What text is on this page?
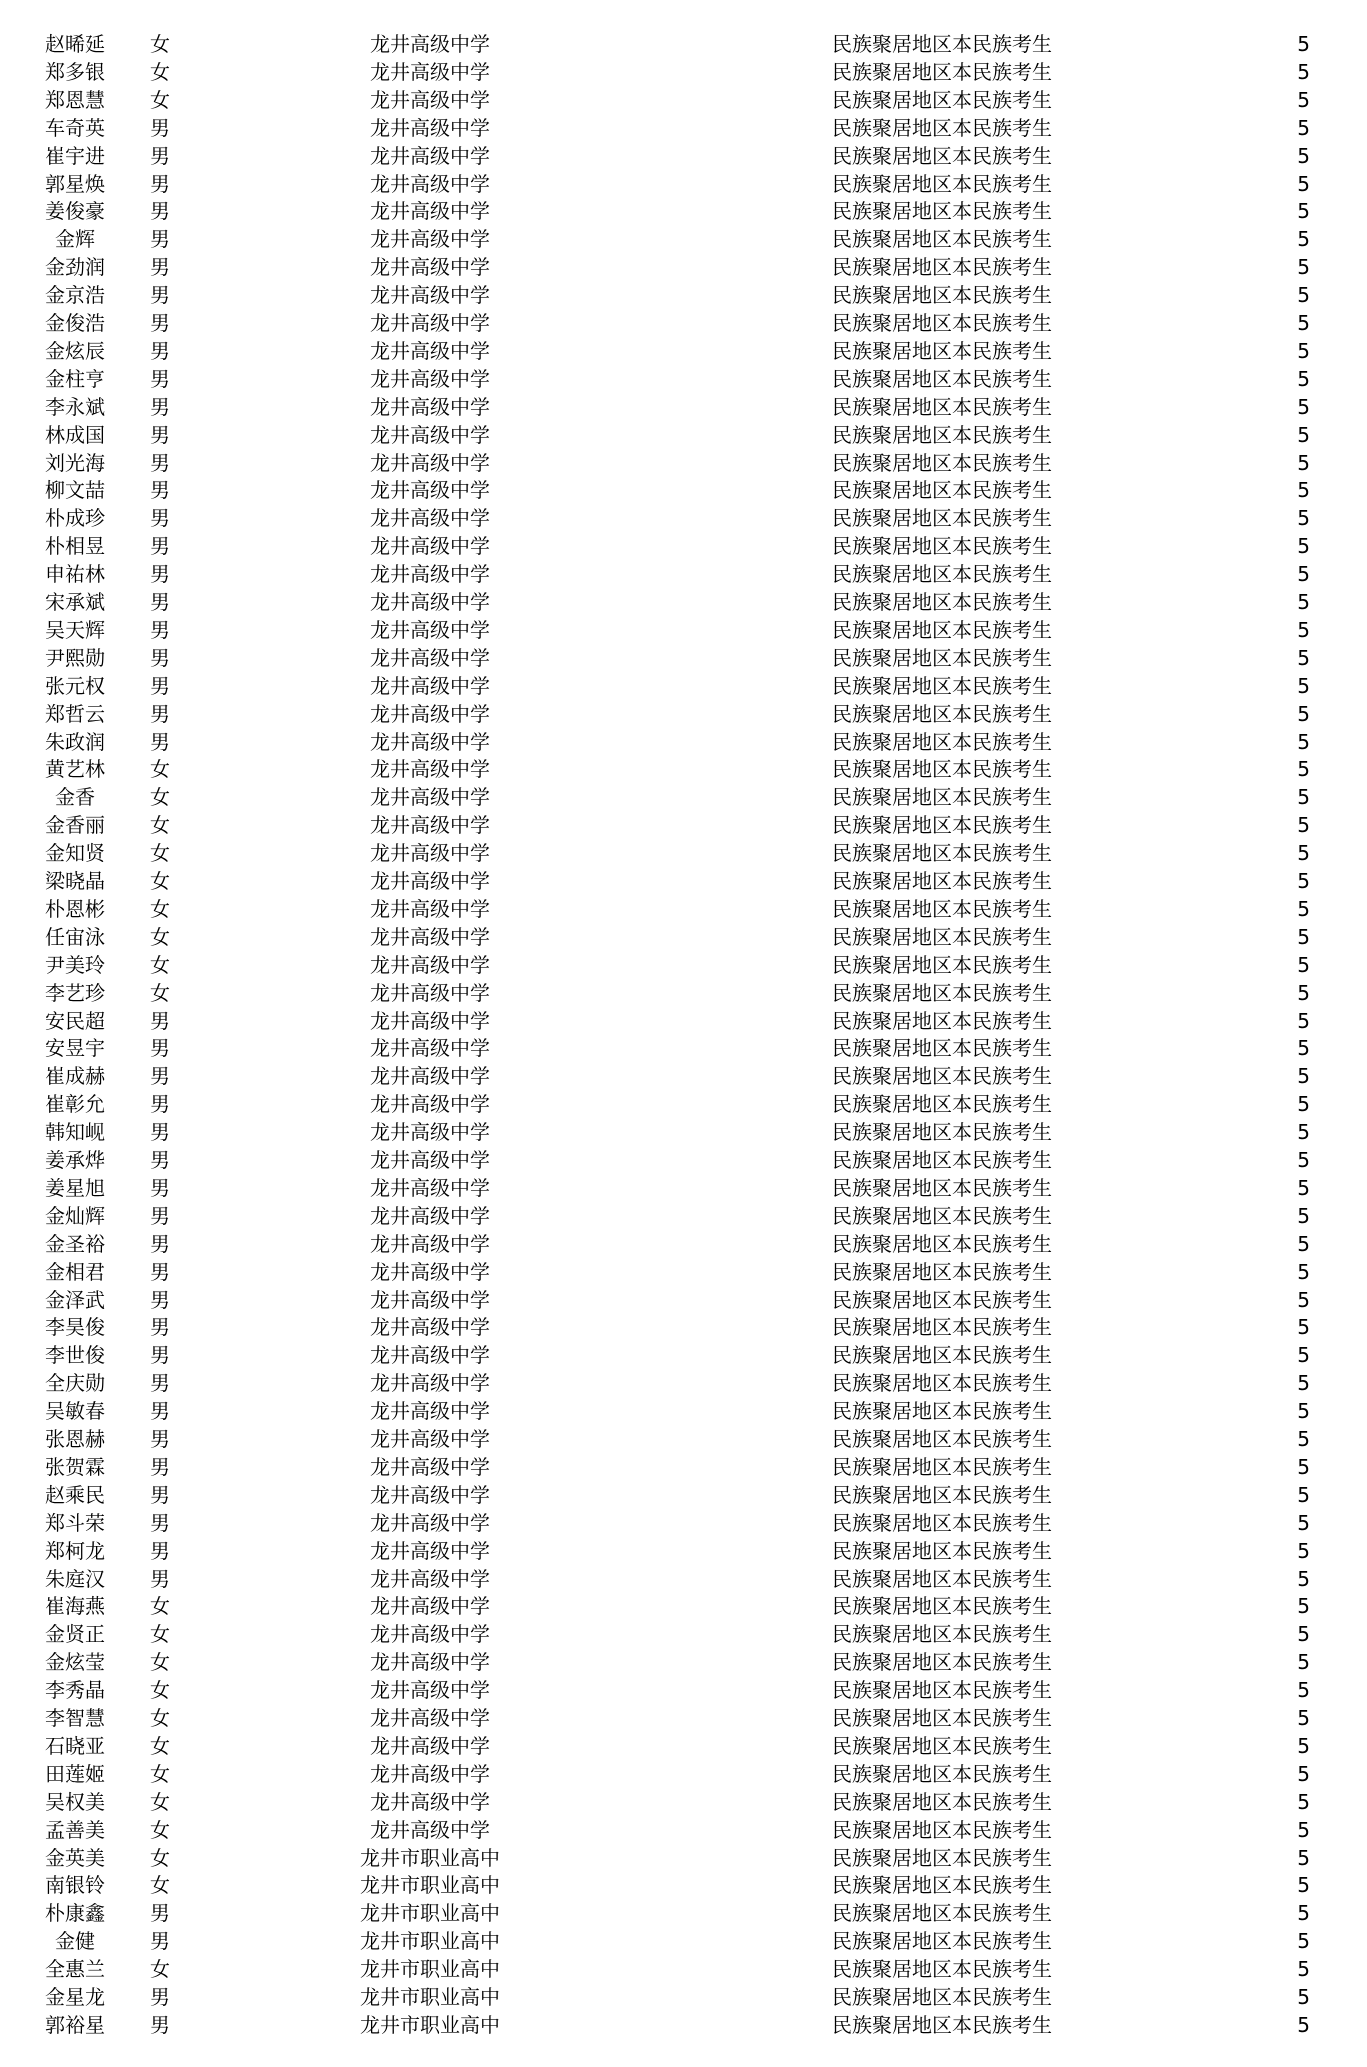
赵晞延	女	龙井高级中学	民族聚居地区本民族考生	5
郑多银	女	龙井高级中学	民族聚居地区本民族考生	5
郑恩慧	女	龙井高级中学	民族聚居地区本民族考生	5
车奇英	男	龙井高级中学	民族聚居地区本民族考生	5
崔宇进	男	龙井高级中学	民族聚居地区本民族考生	5
郭星焕	男	龙井高级中学	民族聚居地区本民族考生	5
姜俊豪	男	龙井高级中学	民族聚居地区本民族考生	5
金辉	男	龙井高级中学	民族聚居地区本民族考生	5
金劲润	男	龙井高级中学	民族聚居地区本民族考生	5
金京浩	男	龙井高级中学	民族聚居地区本民族考生	5
金俊浩	男	龙井高级中学	民族聚居地区本民族考生	5
金炫辰	男	龙井高级中学	民族聚居地区本民族考生	5
金柱亨	男	龙井高级中学	民族聚居地区本民族考生	5
李永斌	男	龙井高级中学	民族聚居地区本民族考生	5
林成国	男	龙井高级中学	民族聚居地区本民族考生	5
刘光海	男	龙井高级中学	民族聚居地区本民族考生	5
柳文喆	男	龙井高级中学	民族聚居地区本民族考生	5
朴成珍	男	龙井高级中学	民族聚居地区本民族考生	5
朴相昱	男	龙井高级中学	民族聚居地区本民族考生	5
申祐林	男	龙井高级中学	民族聚居地区本民族考生	5
宋承斌	男	龙井高级中学	民族聚居地区本民族考生	5
吴天辉	男	龙井高级中学	民族聚居地区本民族考生	5
尹熙勋	男	龙井高级中学	民族聚居地区本民族考生	5
张元权	男	龙井高级中学	民族聚居地区本民族考生	5
郑哲云	男	龙井高级中学	民族聚居地区本民族考生	5
朱政润	男	龙井高级中学	民族聚居地区本民族考生	5
黄艺林	女	龙井高级中学	民族聚居地区本民族考生	5
金香	女	龙井高级中学	民族聚居地区本民族考生	5
金香丽	女	龙井高级中学	民族聚居地区本民族考生	5
金知贤	女	龙井高级中学	民族聚居地区本民族考生	5
梁晓晶	女	龙井高级中学	民族聚居地区本民族考生	5
朴恩彬	女	龙井高级中学	民族聚居地区本民族考生	5
任宙泳	女	龙井高级中学	民族聚居地区本民族考生	5
尹美玲	女	龙井高级中学	民族聚居地区本民族考生	5
李艺珍	女	龙井高级中学	民族聚居地区本民族考生	5
安民超	男	龙井高级中学	民族聚居地区本民族考生	5
安昱宇	男	龙井高级中学	民族聚居地区本民族考生	5
崔成赫	男	龙井高级中学	民族聚居地区本民族考生	5
崔彰允	男	龙井高级中学	民族聚居地区本民族考生	5
韩知岘	男	龙井高级中学	民族聚居地区本民族考生	5
姜承烨	男	龙井高级中学	民族聚居地区本民族考生	5
姜星旭	男	龙井高级中学	民族聚居地区本民族考生	5
金灿辉	男	龙井高级中学	民族聚居地区本民族考生	5
金圣裕	男	龙井高级中学	民族聚居地区本民族考生	5
金相君	男	龙井高级中学	民族聚居地区本民族考生	5
金泽武	男	龙井高级中学	民族聚居地区本民族考生	5
李昊俊	男	龙井高级中学	民族聚居地区本民族考生	5
李世俊	男	龙井高级中学	民族聚居地区本民族考生	5
全庆勋	男	龙井高级中学	民族聚居地区本民族考生	5
吴敏春	男	龙井高级中学	民族聚居地区本民族考生	5
张恩赫	男	龙井高级中学	民族聚居地区本民族考生	5
张贺霖	男	龙井高级中学	民族聚居地区本民族考生	5
赵乘民	男	龙井高级中学	民族聚居地区本民族考生	5
郑斗荣	男	龙井高级中学	民族聚居地区本民族考生	5
郑柯龙	男	龙井高级中学	民族聚居地区本民族考生	5
朱庭汉	男	龙井高级中学	民族聚居地区本民族考生	5
崔海燕	女	龙井高级中学	民族聚居地区本民族考生	5
金贤正	女	龙井高级中学	民族聚居地区本民族考生	5
金炫莹	女	龙井高级中学	民族聚居地区本民族考生	5
李秀晶	女	龙井高级中学	民族聚居地区本民族考生	5
李智慧	女	龙井高级中学	民族聚居地区本民族考生	5
石晓亚	女	龙井高级中学	民族聚居地区本民族考生	5
田莲姬	女	龙井高级中学	民族聚居地区本民族考生	5
吴权美	女	龙井高级中学	民族聚居地区本民族考生	5
孟善美	女	龙井高级中学	民族聚居地区本民族考生	5
金英美	女	龙井市职业高中	民族聚居地区本民族考生	5
南银铃	女	龙井市职业高中	民族聚居地区本民族考生	5
朴康鑫	男	龙井市职业高中	民族聚居地区本民族考生	5
金健	男	龙井市职业高中	民族聚居地区本民族考生	5
全惠兰	女	龙井市职业高中	民族聚居地区本民族考生	5
金星龙	男	龙井市职业高中	民族聚居地区本民族考生	5
郭裕星	男	龙井市职业高中	民族聚居地区本民族考生	5
